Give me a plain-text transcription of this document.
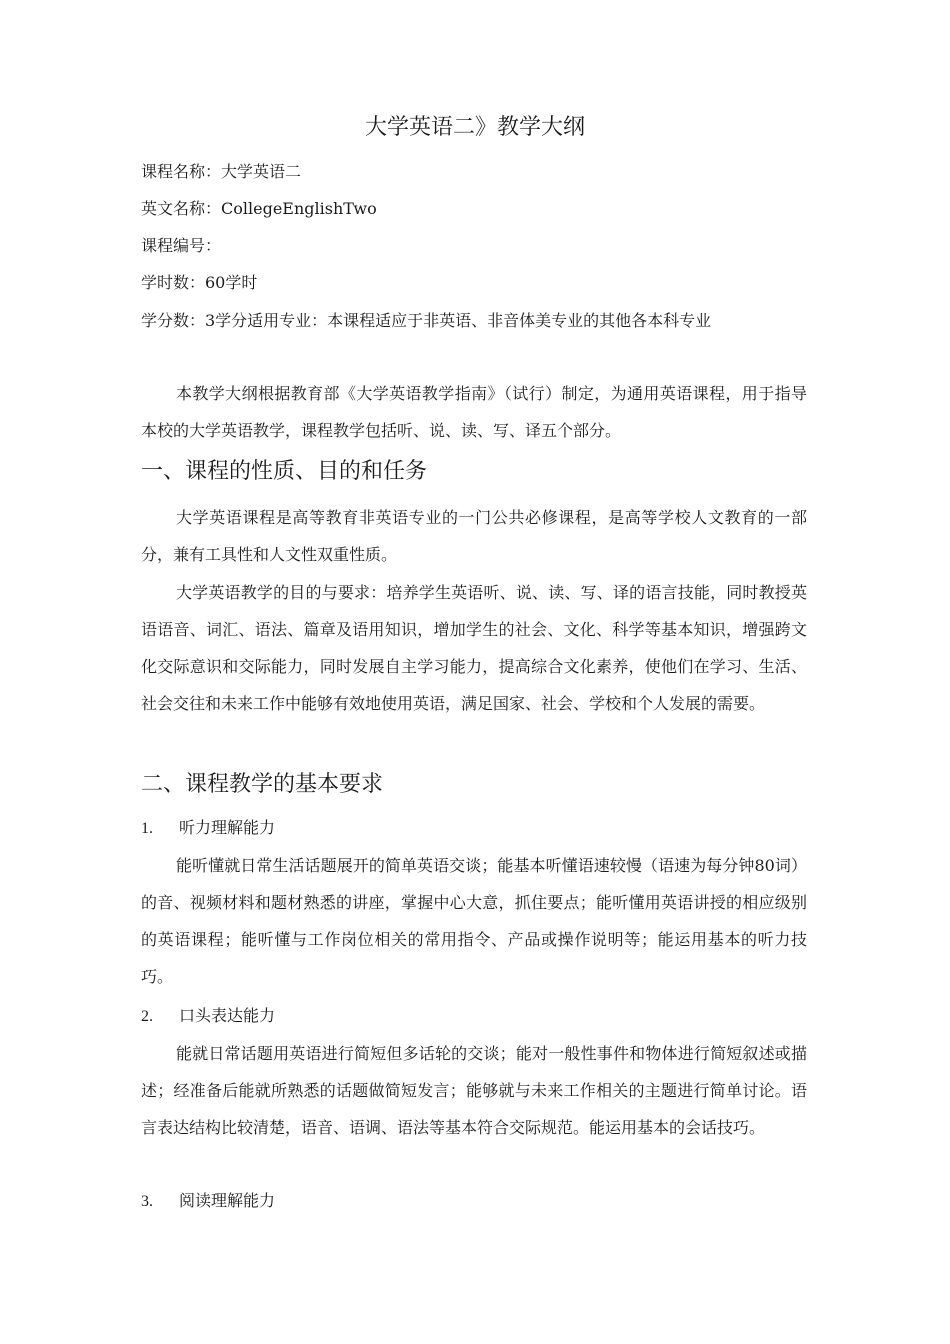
大学英语二》教学大纲
课程名称：大学英语二
英文名称：CollegeEnglishTwo
课程编号：
学时数：60学时
学分数：3学分适用专业：本课程适应于非英语、非音体美专业的其他各本科专业
本教学大纲根据教育部《大学英语教学指南》（试行）制定，为通用英语课程，用于指导本校的大学英语教学，课程教学包括听、说、读、写、译五个部分。
一、课程的性质、目的和任务
大学英语课程是高等教育非英语专业的一门公共必修课程，是高等学校人文教育的一部分，兼有工具性和人文性双重性质。
大学英语教学的目的与要求：培养学生英语听、说、读、写、译的语言技能，同时教授英语语音、词汇、语法、篇章及语用知识，增加学生的社会、文化、科学等基本知识，增强跨文化交际意识和交际能力，同时发展自主学习能力，提高综合文化素养，使他们在学习、生活、社会交往和未来工作中能够有效地使用英语，满足国家、社会、学校和个人发展的需要。
二、课程教学的基本要求
1. 听力理解能力
能听懂就日常生活话题展开的简单英语交谈；能基本听懂语速较慢（语速为每分钟80词）的音、视频材料和题材熟悉的讲座，掌握中心大意，抓住要点；能听懂用英语讲授的相应级别的英语课程；能听懂与工作岗位相关的常用指令、产品或操作说明等；能运用基本的听力技巧。
2. 口头表达能力
能就日常话题用英语进行简短但多话轮的交谈；能对一般性事件和物体进行简短叙述或描述；经准备后能就所熟悉的话题做简短发言；能够就与未来工作相关的主题进行简单讨论。语言表达结构比较清楚，语音、语调、语法等基本符合交际规范。能运用基本的会话技巧。
3. 阅读理解能力
